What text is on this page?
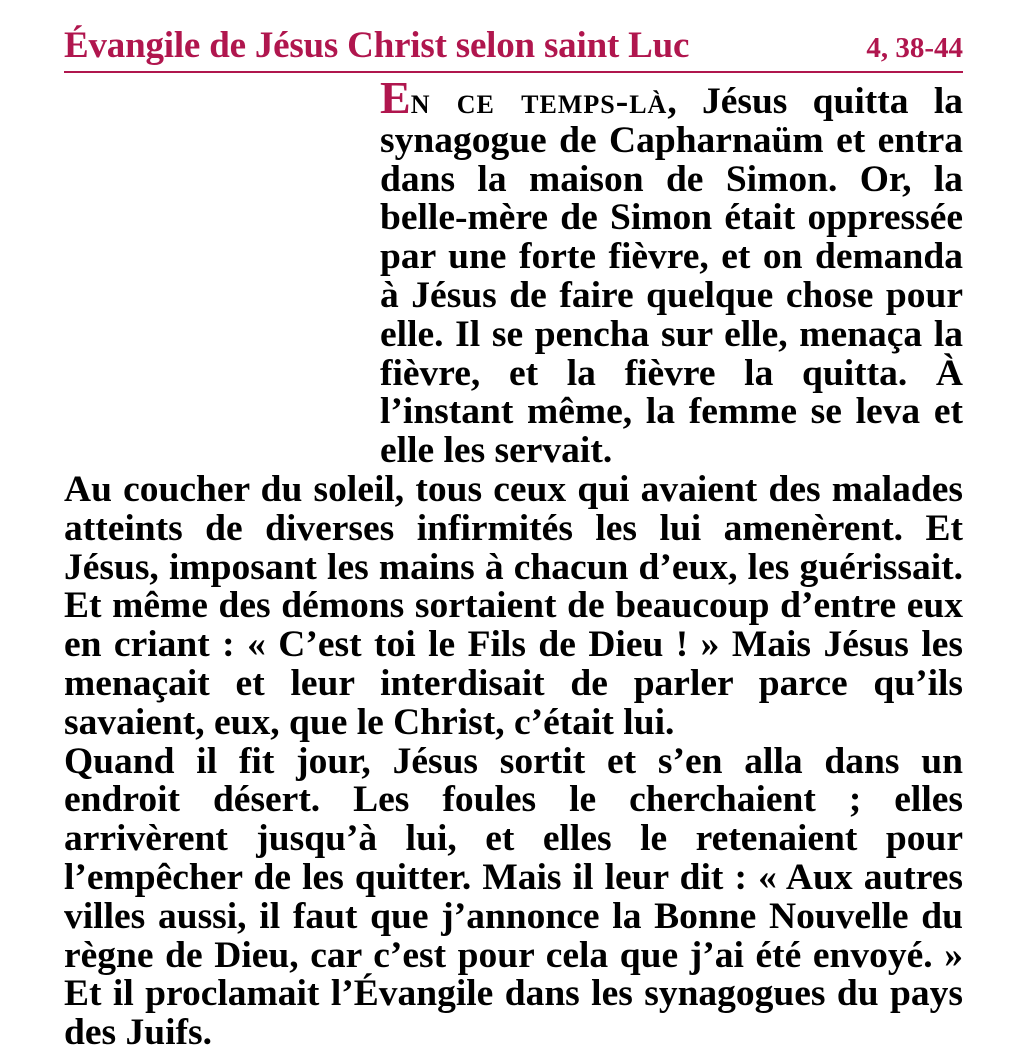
Évangile de Jésus Christ selon saint Luc	4, 38-44

En ce temps-là, Jésus quitta la synagogue de Capharnaüm et entra dans la maison de Simon. Or, la belle-mère de Simon était oppressée par une forte fièvre, et on demanda à Jésus de faire quelque chose pour elle. Il se pencha sur elle, menaça la fièvre, et la fièvre la quitta. À l’instant même, la femme se leva et elle les servait.

Au coucher du soleil, tous ceux qui avaient des malades atteints de diverses infirmités les lui amenèrent. Et Jésus, imposant les mains à chacun d’eux, les guérissait. Et même des démons sortaient de beaucoup d’entre eux en criant : « C’est toi le Fils de Dieu ! » Mais Jésus les menaçait et leur interdisait de parler parce qu’ils savaient, eux, que le Christ, c’était lui.

Quand il fit jour, Jésus sortit et s’en alla dans un endroit désert. Les foules le cherchaient ; elles arrivèrent jusqu’à lui, et elles le retenaient pour l’empêcher de les quitter. Mais il leur dit : « Aux autres villes aussi, il faut que j’annonce la Bonne Nouvelle du règne de Dieu, car c’est pour cela que j’ai été envoyé. » Et il proclamait l’Évangile dans les synagogues du pays des Juifs.
